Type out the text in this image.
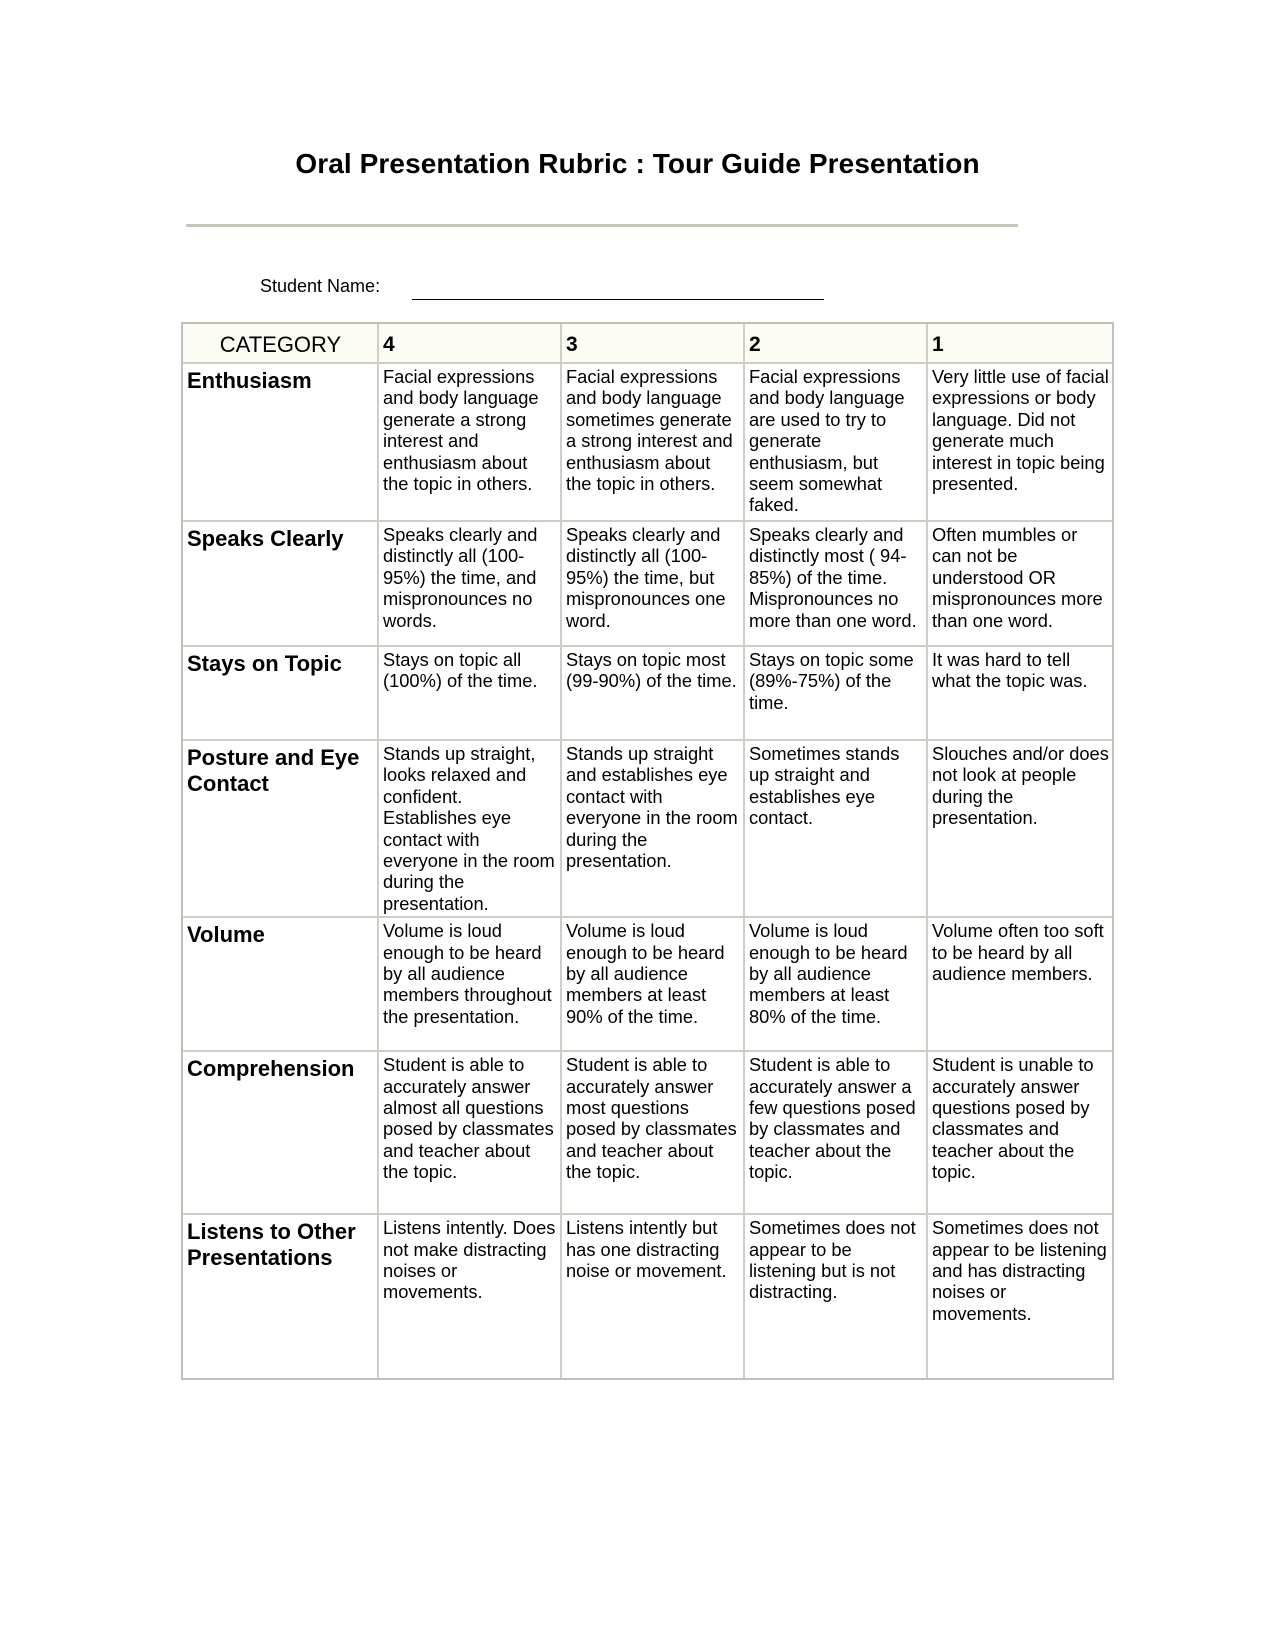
Oral Presentation Rubric : Tour Guide Presentation
Student Name:
CATEGORY	4	3	2	1
Enthusiasm	Facial expressions and body language generate a strong interest and enthusiasm about the topic in others.	Facial expressions and body language sometimes generate a strong interest and enthusiasm about the topic in others.	Facial expressions and body language are used to try to generate enthusiasm, but seem somewhat faked.	Very little use of facial expressions or body language. Did not generate much interest in topic being presented.
Speaks Clearly	Speaks clearly and distinctly all (100-95%) the time, and mispronounces no words.	Speaks clearly and distinctly all (100-95%) the time, but mispronounces one word.	Speaks clearly and distinctly most ( 94-85%) of the time. Mispronounces no more than one word.	Often mumbles or can not be understood OR mispronounces more than one word.
Stays on Topic	Stays on topic all (100%) of the time.	Stays on topic most (99-90%) of the time.	Stays on topic some (89%-75%) of the time.	It was hard to tell what the topic was.
Posture and Eye Contact	Stands up straight, looks relaxed and confident. Establishes eye contact with everyone in the room during the presentation.	Stands up straight and establishes eye contact with everyone in the room during the presentation.	Sometimes stands up straight and establishes eye contact.	Slouches and/or does not look at people during the presentation.
Volume	Volume is loud enough to be heard by all audience members throughout the presentation.	Volume is loud enough to be heard by all audience members at least 90% of the time.	Volume is loud enough to be heard by all audience members at least 80% of the time.	Volume often too soft to be heard by all audience members.
Comprehension	Student is able to accurately answer almost all questions posed by classmates and teacher about the topic.	Student is able to accurately answer most questions posed by classmates and teacher about the topic.	Student is able to accurately answer a few questions posed by classmates and teacher about the topic.	Student is unable to accurately answer questions posed by classmates and teacher about the topic.
Listens to Other Presentations	Listens intently. Does not make distracting noises or movements.	Listens intently but has one distracting noise or movement.	Sometimes does not appear to be listening but is not distracting.	Sometimes does not appear to be listening and has distracting noises or movements.
